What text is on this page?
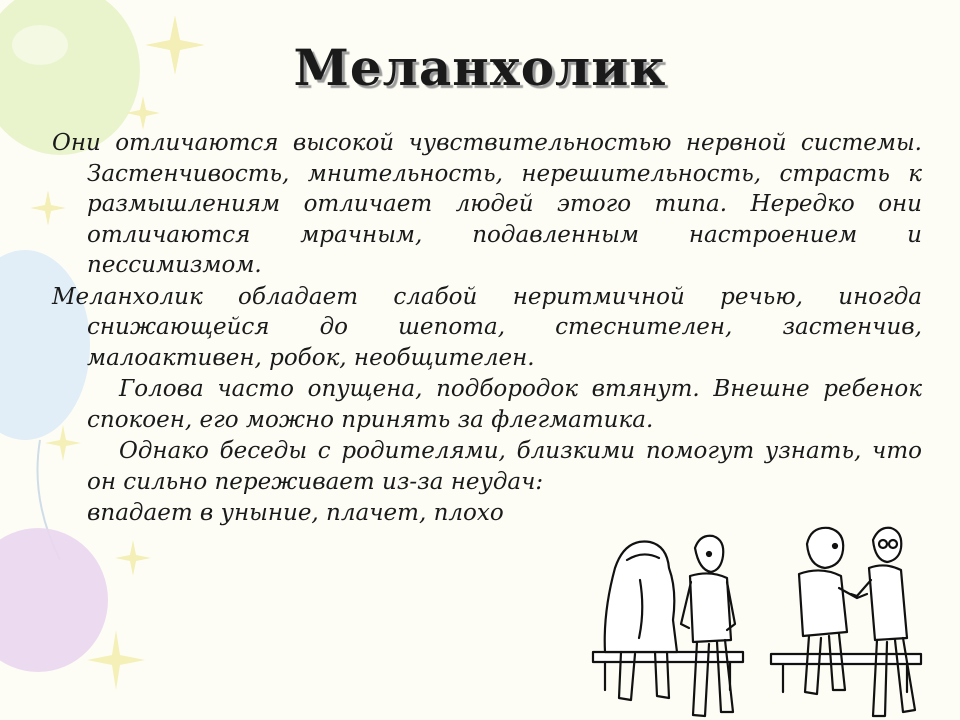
Меланхолик

Они отличаются высокой чувствительностью нервной системы. Застенчивость, мнительность, нерешительность, страсть к размышлениям отличает людей этого типа. Нередко они отличаются мрачным, подавленным настроением и пессимизмом.

Меланхолик обладает слабой неритмичной речью, иногда снижающейся до шепота, стеснителен, застенчив, малоактивен, робок, необщителен.

Голова часто опущена, подбородок втянут. Внешне ребенок спокоен, его можно принять за флегматика.

Однако беседы с родителями, близкими помогут узнать, что он сильно переживает из-за неудач:

впадает в уныние, плачет, плохо
